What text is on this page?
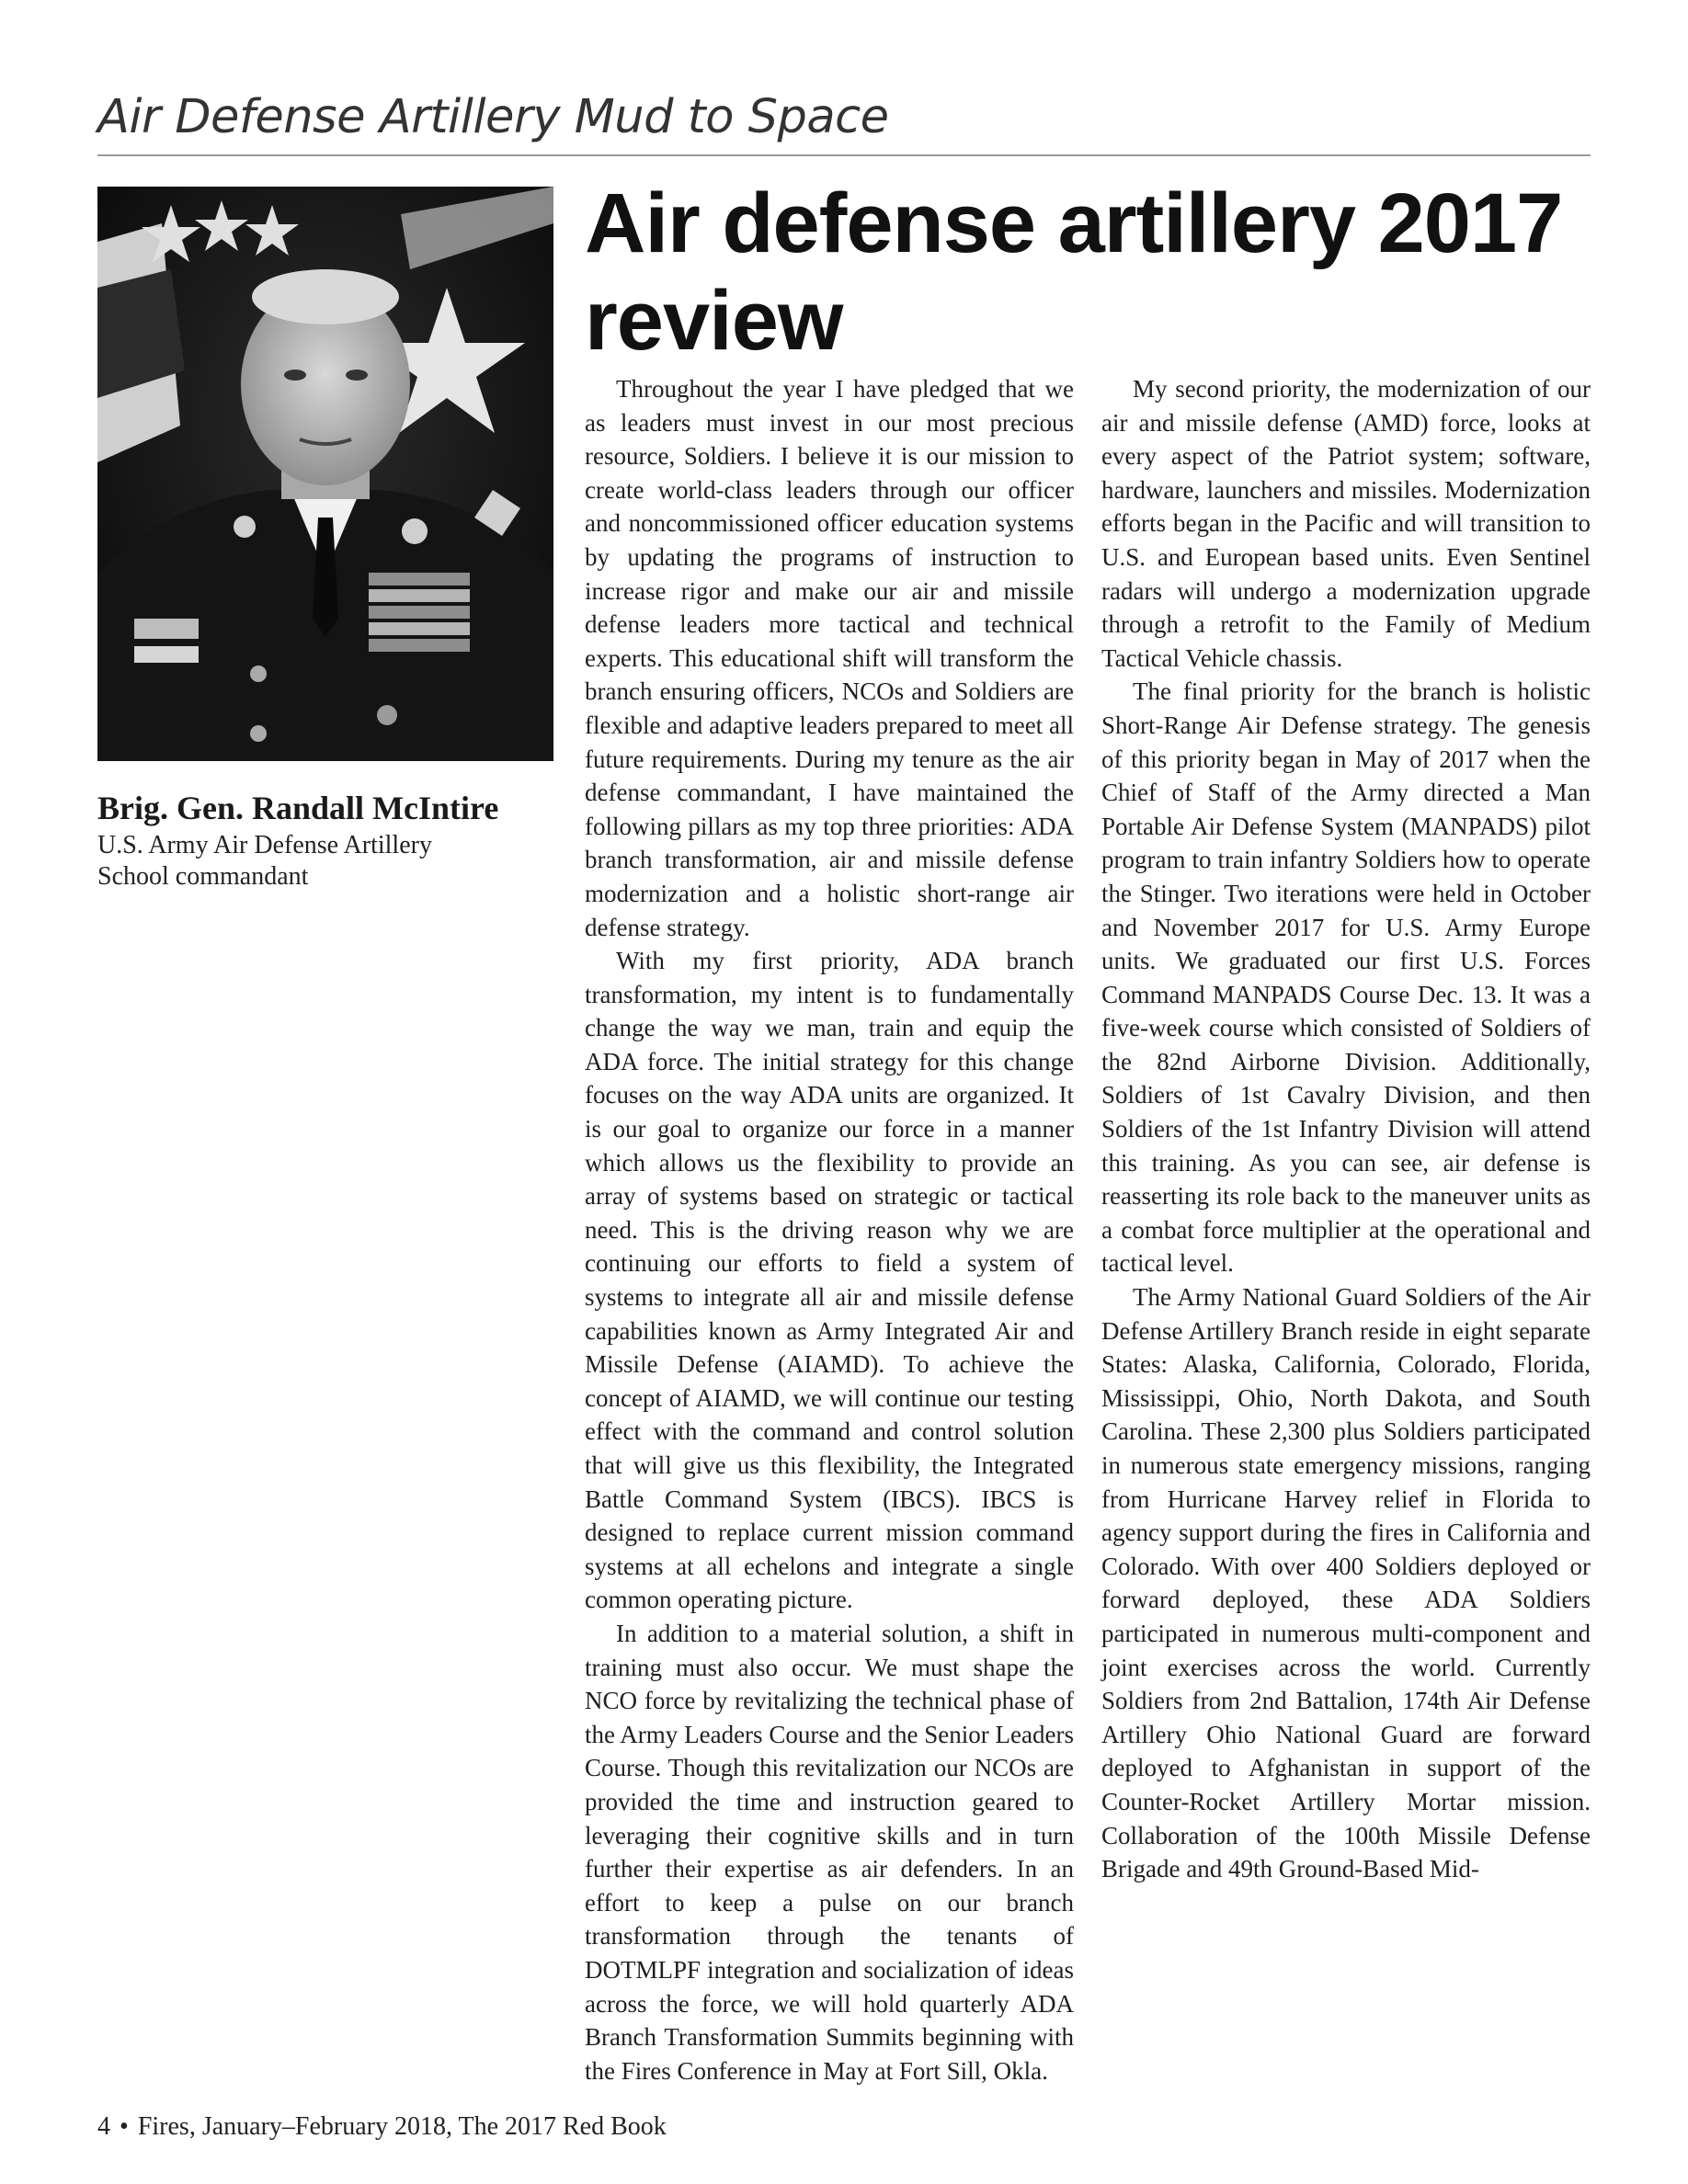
Air Defense Artillery Mud to Space
Brig. Gen. Randall McIntire
U.S. Army Air Defense Artillery
School commandant
Air defense artillery 2017 review

Throughout the year I have pledged that we as leaders must invest in our most precious resource, Soldiers. I believe it is our mission to create world-class leaders through our officer and noncommissioned officer education systems by updating the programs of instruction to increase rigor and make our air and missile defense leaders more tactical and technical experts. This educational shift will transform the branch ensuring officers, NCOs and Soldiers are flexible and adaptive leaders prepared to meet all future requirements. During my tenure as the air defense commandant, I have maintained the following pillars as my top three priorities: ADA branch transformation, air and missile defense modernization and a holistic short-range air defense strategy.

With my first priority, ADA branch transformation, my intent is to fundamentally change the way we man, train and equip the ADA force. The initial strategy for this change focuses on the way ADA units are organized. It is our goal to organize our force in a manner which allows us the flexibility to provide an array of systems based on strategic or tactical need. This is the driving reason why we are continuing our efforts to field a system of systems to integrate all air and missile defense capabilities known as Army Integrated Air and Missile Defense (AIAMD). To achieve the concept of AIAMD, we will continue our testing effect with the command and control solution that will give us this flexibility, the Integrated Battle Command System (IBCS). IBCS is designed to replace current mission command systems at all echelons and integrate a single common operating picture.

In addition to a material solution, a shift in training must also occur. We must shape the NCO force by revitalizing the technical phase of the Army Leaders Course and the Senior Leaders Course. Though this revitalization our NCOs are provided the time and instruction geared to leveraging their cognitive skills and in turn further their expertise as air defenders. In an effort to keep a pulse on our branch transformation through the tenants of DOTMLPF integration and socialization of ideas across the force, we will hold quarterly ADA Branch Transformation Summits beginning with the Fires Conference in May at Fort Sill, Okla.

My second priority, the modernization of our air and missile defense (AMD) force, looks at every aspect of the Patriot system; software, hardware, launchers and missiles. Modernization efforts began in the Pacific and will transition to U.S. and European based units. Even Sentinel radars will undergo a modernization upgrade through a retrofit to the Family of Medium Tactical Vehicle chassis.

The final priority for the branch is holistic Short-Range Air Defense strategy. The genesis of this priority began in May of 2017 when the Chief of Staff of the Army directed a Man Portable Air Defense System (MANPADS) pilot program to train infantry Soldiers how to operate the Stinger. Two iterations were held in October and November 2017 for U.S. Army Europe units. We graduated our first U.S. Forces Command MANPADS Course Dec. 13. It was a five-week course which consisted of Soldiers of the 82nd Airborne Division. Additionally, Soldiers of 1st Cavalry Division, and then Soldiers of the 1st Infantry Division will attend this training. As you can see, air defense is reasserting its role back to the maneuver units as a combat force multiplier at the operational and tactical level.

The Army National Guard Soldiers of the Air Defense Artillery Branch reside in eight separate States: Alaska, California, Colorado, Florida, Mississippi, Ohio, North Dakota, and South Carolina. These 2,300 plus Soldiers participated in numerous state emergency missions, ranging from Hurricane Harvey relief in Florida to agency support during the fires in California and Colorado. With over 400 Soldiers deployed or forward deployed, these ADA Soldiers participated in numerous multi-component and joint exercises across the world. Currently Soldiers from 2nd Battalion, 174th Air Defense Artillery Ohio National Guard are forward deployed to Afghanistan in support of the Counter-Rocket Artillery Mortar mission. Collaboration of the 100th Missile Defense Brigade and 49th Ground-Based Mid-

4 • Fires, January–February 2018, The 2017 Red Book
